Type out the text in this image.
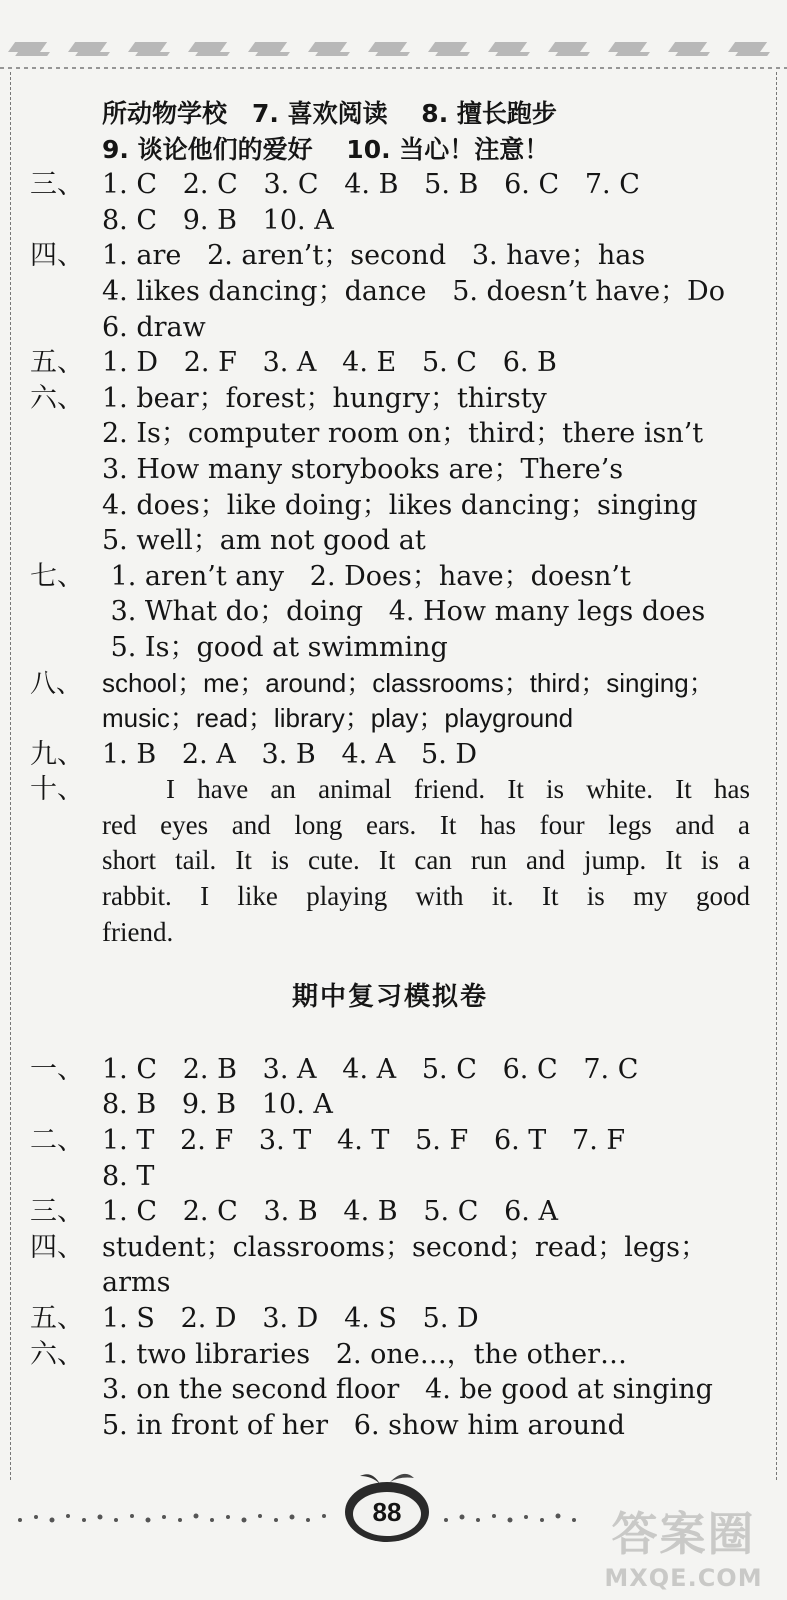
所动物学校　7. 喜欢阅读　 8. 擅长跑步
9. 谈论他们的爱好　 10. 当心！注意！
三、 1. C   2. C   3. C   4. B   5. B   6. C   7. C
8. C   9. B   10. A
四、 1. are   2. aren’t；second   3. have；has
4. likes dancing；dance   5. doesn’t have；Do
6. draw
五、 1. D   2. F   3. A   4. E   5. C   6. B
六、 1. bear；forest；hungry；thirsty
2. Is；computer room on；third；there isn’t
3. How many storybooks are；There’s
4. does；like doing；likes dancing；singing
5. well；am not good at
七、 1. aren’t any   2. Does；have；doesn’t
3. What do；doing   4. How many legs does
5. Is；good at swimming
八、 school；me；around；classrooms；third；singing；
music；read；library；play；playground
九、 1. B   2. A   3. B   4. A   5. D
十、	I have an animal friend. It is white. It has
red eyes and long ears. It has four legs and a
short tail. It is cute. It can run and jump. It is a
rabbit. I like playing with it. It is my good
friend.
期中复习模拟卷
一、 1. C   2. B   3. A   4. A   5. C   6. C   7. C
8. B   9. B   10. A
二、 1. T   2. F   3. T   4. T   5. F   6. T   7. F
8. T
三、 1. C   2. C   3. B   4. B   5. C   6. A
四、 student；classrooms；second；read；legs；
arms
五、 1. S   2. D   3. D   4. S   5. D
六、 1. two libraries   2. one…，the other…
3. on the second floor   4. be good at singing
5. in front of her   6. show him around
88	答案圈
MXQE.COM
